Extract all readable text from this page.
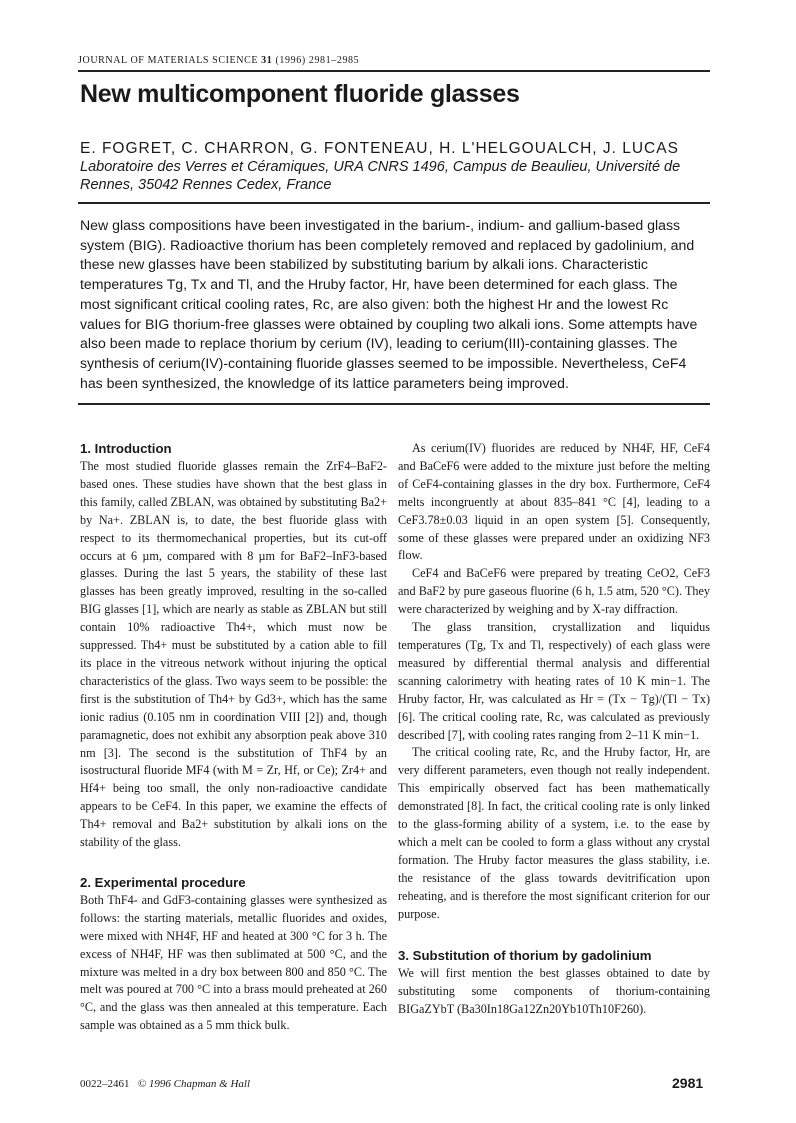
JOURNAL OF MATERIALS SCIENCE 31 (1996) 2981–2985
New multicomponent fluoride glasses
E. FOGRET, C. CHARRON, G. FONTENEAU, H. L'HELGOUALCH, J. LUCAS
Laboratoire des Verres et Céramiques, URA CNRS 1496, Campus de Beaulieu, Université de Rennes, 35042 Rennes Cedex, France

New glass compositions have been investigated in the barium-, indium- and gallium-based glass system (BIG). Radioactive thorium has been completely removed and replaced by gadolinium, and these new glasses have been stabilized by substituting barium by alkali ions. Characteristic temperatures Tg, Tx and Tl, and the Hruby factor, Hr, have been determined for each glass. The most significant critical cooling rates, Rc, are also given: both the highest Hr and the lowest Rc values for BIG thorium-free glasses were obtained by coupling two alkali ions. Some attempts have also been made to replace thorium by cerium (IV), leading to cerium(III)-containing glasses. The synthesis of cerium(IV)-containing fluoride glasses seemed to be impossible. Nevertheless, CeF4 has been synthesized, the knowledge of its lattice parameters being improved.

1. Introduction

The most studied fluoride glasses remain the ZrF4–BaF2-based ones. These studies have shown that the best glass in this family, called ZBLAN, was obtained by substituting Ba2+ by Na+. ZBLAN is, to date, the best fluoride glass with respect to its thermomechanical properties, but its cut-off occurs at 6 µm, compared with 8 µm for BaF2–InF3-based glasses. During the last 5 years, the stability of these last glasses has been greatly improved, resulting in the so-called BIG glasses [1], which are nearly as stable as ZBLAN but still contain 10% radioactive Th4+, which must now be suppressed. Th4+ must be substituted by a cation able to fill its place in the vitreous network without injuring the optical characteristics of the glass. Two ways seem to be possible: the first is the substitution of Th4+ by Gd3+, which has the same ionic radius (0.105 nm in coordination VIII [2]) and, though paramagnetic, does not exhibit any absorption peak above 310 nm [3]. The second is the substitution of ThF4 by an isostructural fluoride MF4 (with M = Zr, Hf, or Ce); Zr4+ and Hf4+ being too small, the only non-radioactive candidate appears to be CeF4. In this paper, we examine the effects of Th4+ removal and Ba2+ substitution by alkali ions on the stability of the glass.

2. Experimental procedure

Both ThF4- and GdF3-containing glasses were synthesized as follows: the starting materials, metallic fluorides and oxides, were mixed with NH4F, HF and heated at 300 °C for 3 h. The excess of NH4F, HF was then sublimated at 500 °C, and the mixture was melted in a dry box between 800 and 850 °C. The melt was poured at 700 °C into a brass mould preheated at 260 °C, and the glass was then annealed at this temperature. Each sample was obtained as a 5 mm thick bulk.

As cerium(IV) fluorides are reduced by NH4F, HF, CeF4 and BaCeF6 were added to the mixture just before the melting of CeF4-containing glasses in the dry box. Furthermore, CeF4 melts incongruently at about 835–841 °C [4], leading to a CeF3.78±0.03 liquid in an open system [5]. Consequently, some of these glasses were prepared under an oxidizing NF3 flow.

CeF4 and BaCeF6 were prepared by treating CeO2, CeF3 and BaF2 by pure gaseous fluorine (6 h, 1.5 atm, 520 °C). They were characterized by weighing and by X-ray diffraction.

The glass transition, crystallization and liquidus temperatures (Tg, Tx and Tl, respectively) of each glass were measured by differential thermal analysis and differential scanning calorimetry with heating rates of 10 K min−1. The Hruby factor, Hr, was calculated as Hr = (Tx − Tg)/(Tl − Tx) [6]. The critical cooling rate, Rc, was calculated as previously described [7], with cooling rates ranging from 2–11 K min−1.

The critical cooling rate, Rc, and the Hruby factor, Hr, are very different parameters, even though not really independent. This empirically observed fact has been mathematically demonstrated [8]. In fact, the critical cooling rate is only linked to the glass-forming ability of a system, i.e. to the ease by which a melt can be cooled to form a glass without any crystal formation. The Hruby factor measures the glass stability, i.e. the resistance of the glass towards devitrification upon reheating, and is therefore the most significant criterion for our purpose.

3. Substitution of thorium by gadolinium

We will first mention the best glasses obtained to date by substituting some components of thorium-containing BIGaZYbT (Ba30In18Ga12Zn20Yb10Th10F260).

0022–2461 © 1996 Chapman & Hall	2981
